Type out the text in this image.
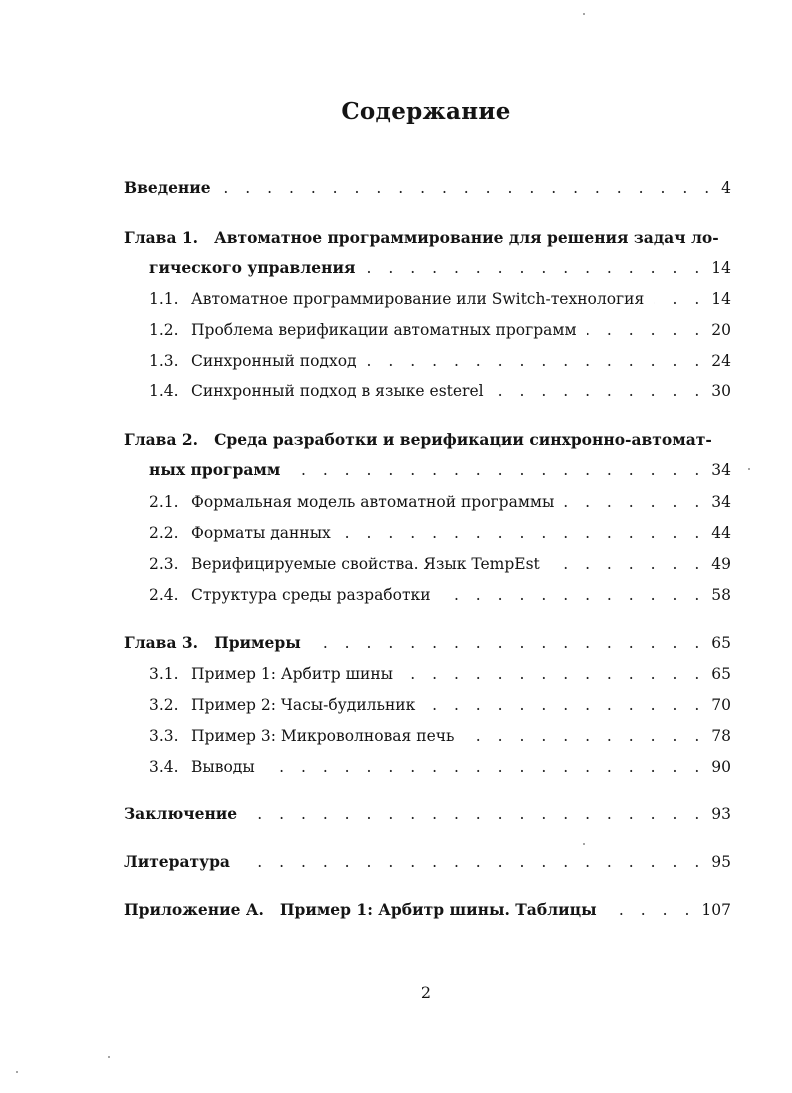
Содержание
Введение . . .	4
Глава 1. Автоматное программирование для решения задач ло-
гического управления . . .	14
1.1. Автоматное программирование или Switch-технология . . .	14
1.2. Проблема верификации автоматных программ . . .	20
1.3. Синхронный подход . . .	24
1.4. Синхронный подход в языке esterel . . .	30
Глава 2. Среда разработки и верификации синхронно-автомат-
ных программ . . .	34
2.1. Формальная модель автоматной программы . . .	34
2.2. Форматы данных . . .	44
2.3. Верифицируемые свойства. Язык TempEst . . .	49
2.4. Структура среды разработки . . .	58
Глава 3. Примеры . . .	65
3.1. Пример 1: Арбитр шины . . .	65
3.2. Пример 2: Часы-будильник . . .	70
3.3. Пример 3: Микроволновая печь . . .	78
3.4. Выводы . . .	90
Заключение . . .	93
Литература . . .	95
Приложение А. Пример 1: Арбитр шины. Таблицы . . .	107
2
